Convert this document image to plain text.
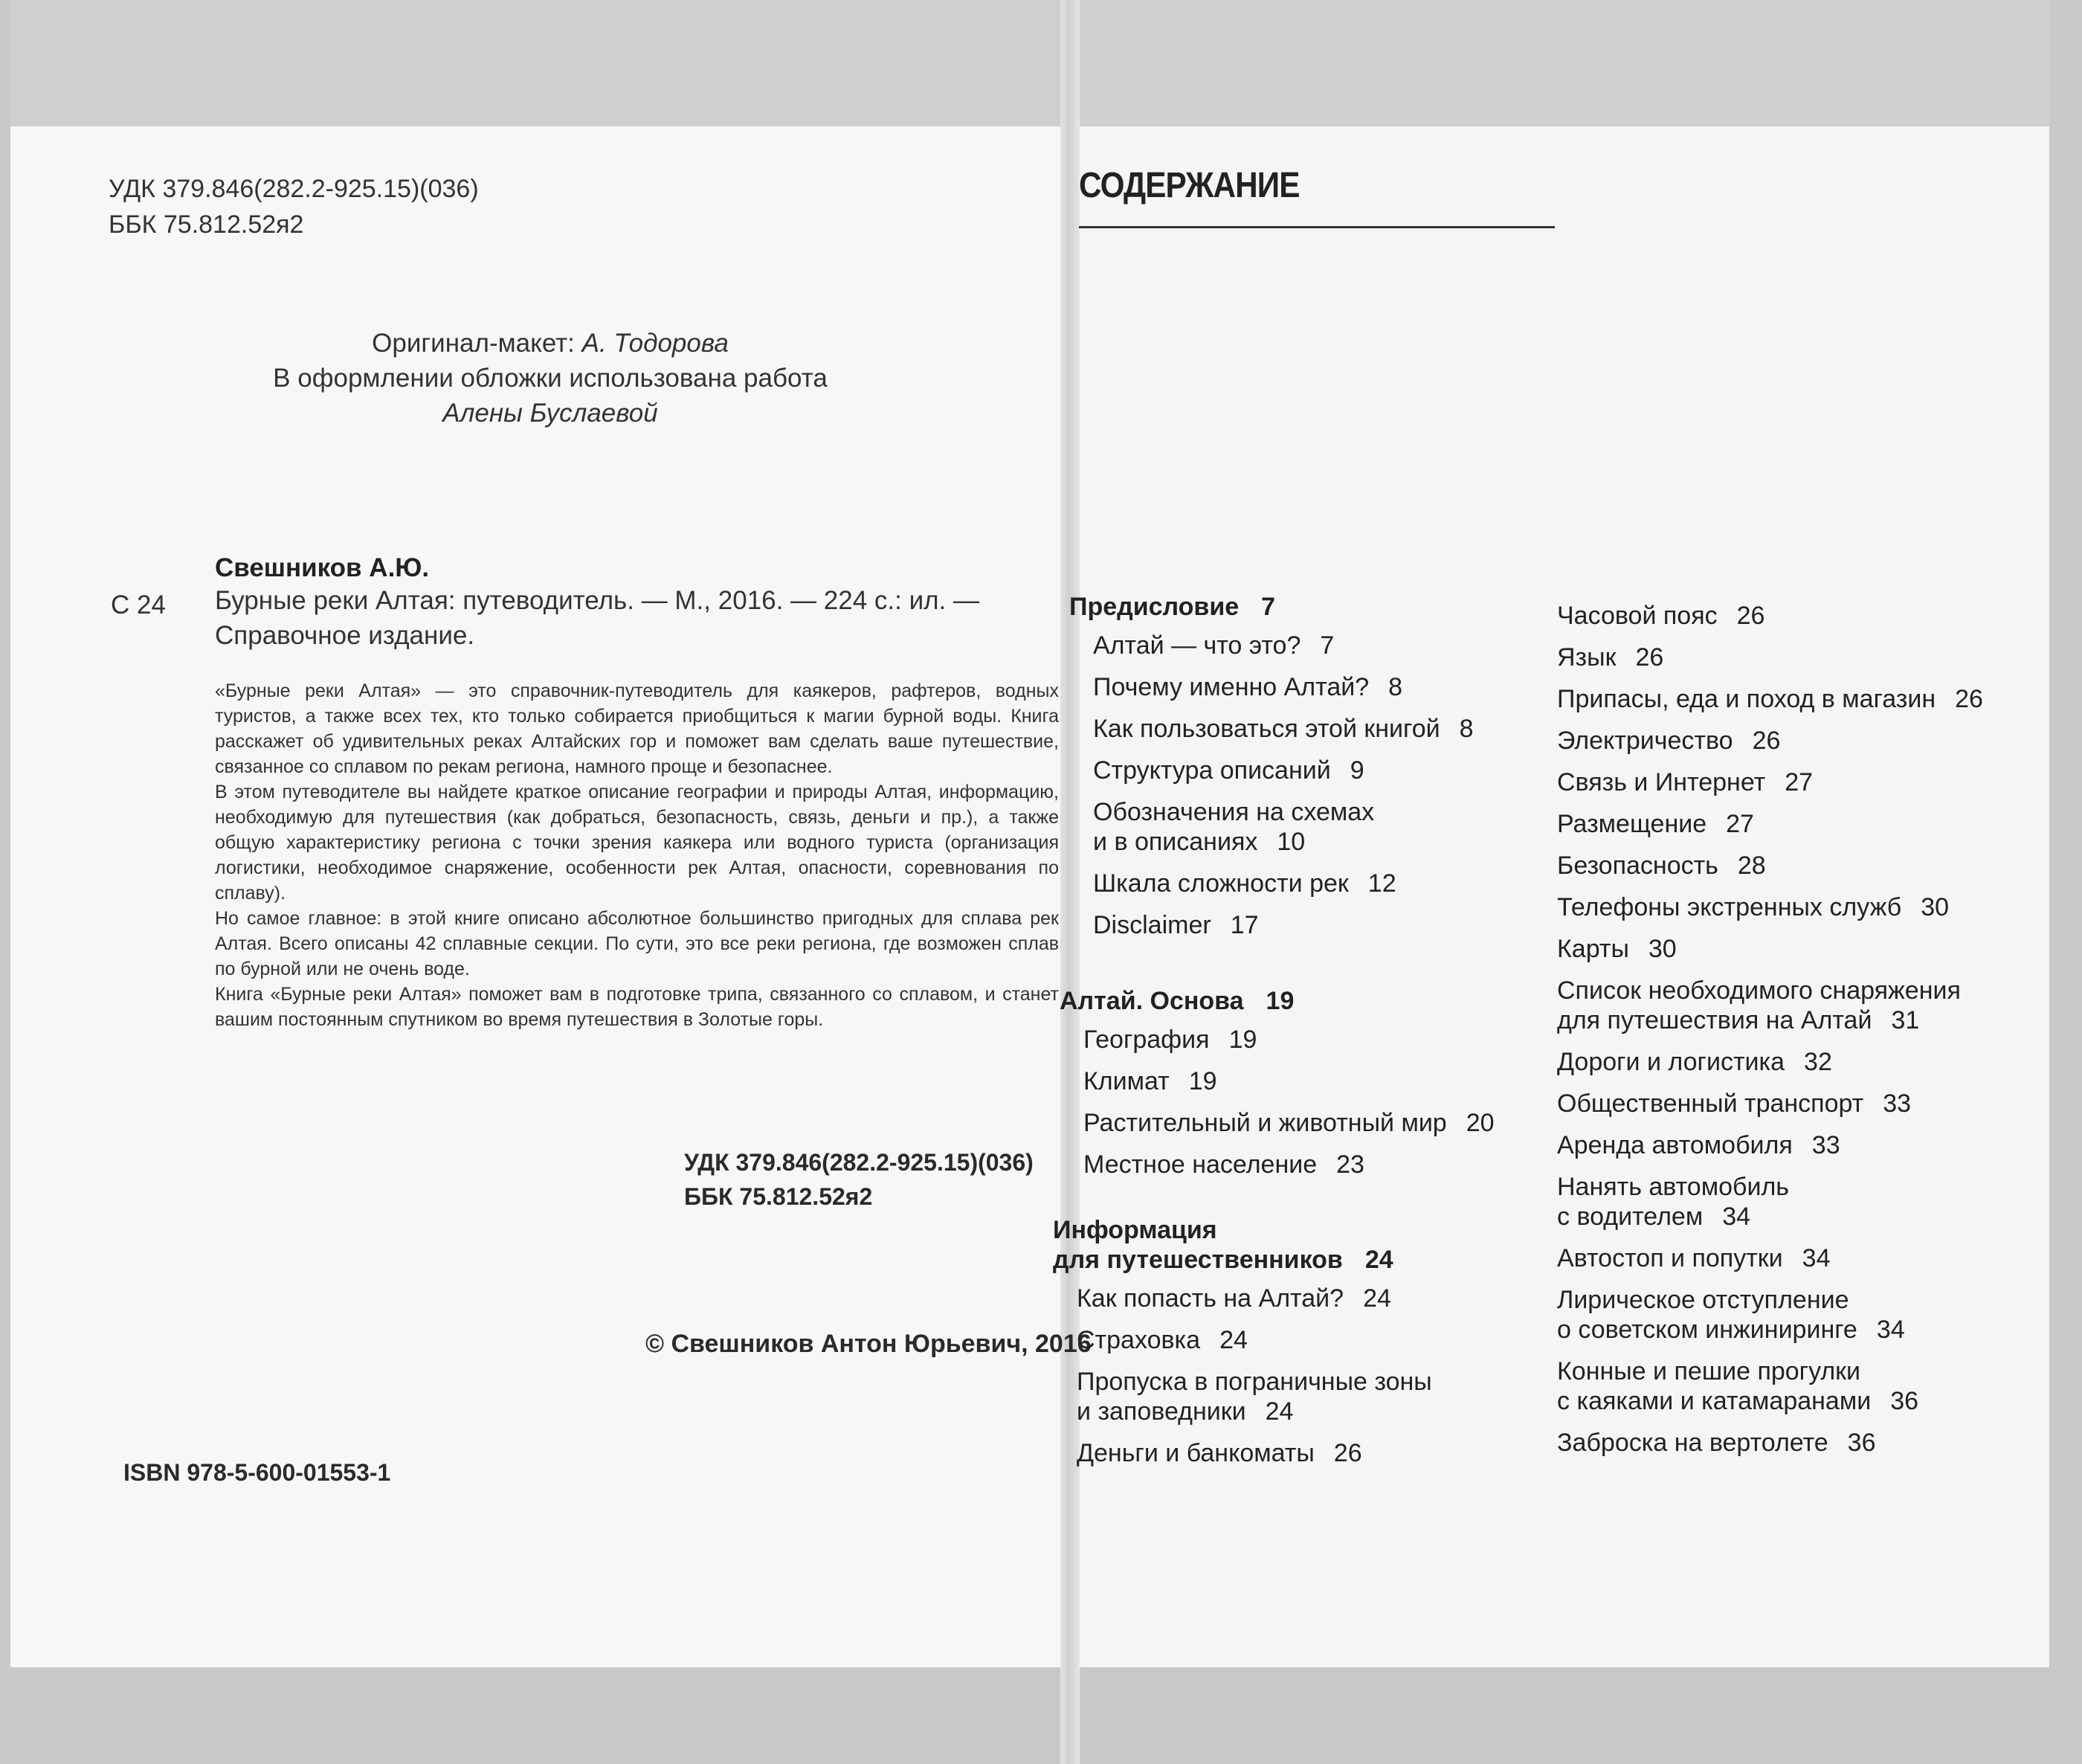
УДК 379.846(282.2-925.15)(036)
ББК 75.812.52я2
Оригинал-макет: А. Тодорова
В оформлении обложки использована работа
Алены Буслаевой
Свешников А.Ю.
С 24 Бурные реки Алтая: путеводитель. — М., 2016. — 224 с.: ил. —
Справочное издание.

«Бурные реки Алтая» — это справочник-путеводитель для каякеров, рафтеров, водных туристов, а также всех тех, кто только собирается приобщиться к магии бурной воды. Книга расскажет об удивительных реках Алтайских гор и поможет вам сделать ваше путешествие, связанное со сплавом по рекам региона, намного проще и безопаснее.

В этом путеводителе вы найдете краткое описание географии и природы Алтая, информацию, необходимую для путешествия (как добраться, безопасность, связь, деньги и пр.), а также общую характеристику региона с точки зрения каякера или водного туриста (организация логистики, необходимое снаряжение, особенности рек Алтая, опасности, соревнования по сплаву).

Но самое главное: в этой книге описано абсолютное большинство пригодных для сплава рек Алтая. Всего описаны 42 сплавные секции. По сути, это все реки региона, где возможен сплав по бурной или не очень воде.

Книга «Бурные реки Алтая» поможет вам в подготовке трипа, связанного со сплавом, и станет вашим постоянным спутником во время путешествия в Золотые горы.

УДК 379.846(282.2-925.15)(036)
ББК 75.812.52я2
© Свешников Антон Юрьевич, 2016
ISBN 978-5-600-01553-1
СОДЕРЖАНИЕ
Предисловие 7
Алтай — что это? 7
Почему именно Алтай? 8
Как пользоваться этой книгой 8
Структура описаний 9
Обозначения на схемах
и в описаниях 10
Шкала сложности рек 12
Disclaimer 17
Алтай. Основа 19
География 19
Климат 19
Растительный и животный мир 20
Местное население 23
Информация
для путешественников 24
Как попасть на Алтай? 24
Страховка 24
Пропуска в пограничные зоны
и заповедники 24
Деньги и банкоматы 26
Часовой пояс 26
Язык 26
Припасы, еда и поход в магазин 26
Электричество 26
Связь и Интернет 27
Размещение 27
Безопасность 28
Телефоны экстренных служб 30
Карты 30
Список необходимого снаряжения
для путешествия на Алтай 31
Дороги и логистика 32
Общественный транспорт 33
Аренда автомобиля 33
Нанять автомобиль
с водителем 34
Автостоп и попутки 34
Лирическое отступление
о советском инжиниринге 34
Конные и пешие прогулки
с каяками и катамаранами 36
Заброска на вертолете 36
